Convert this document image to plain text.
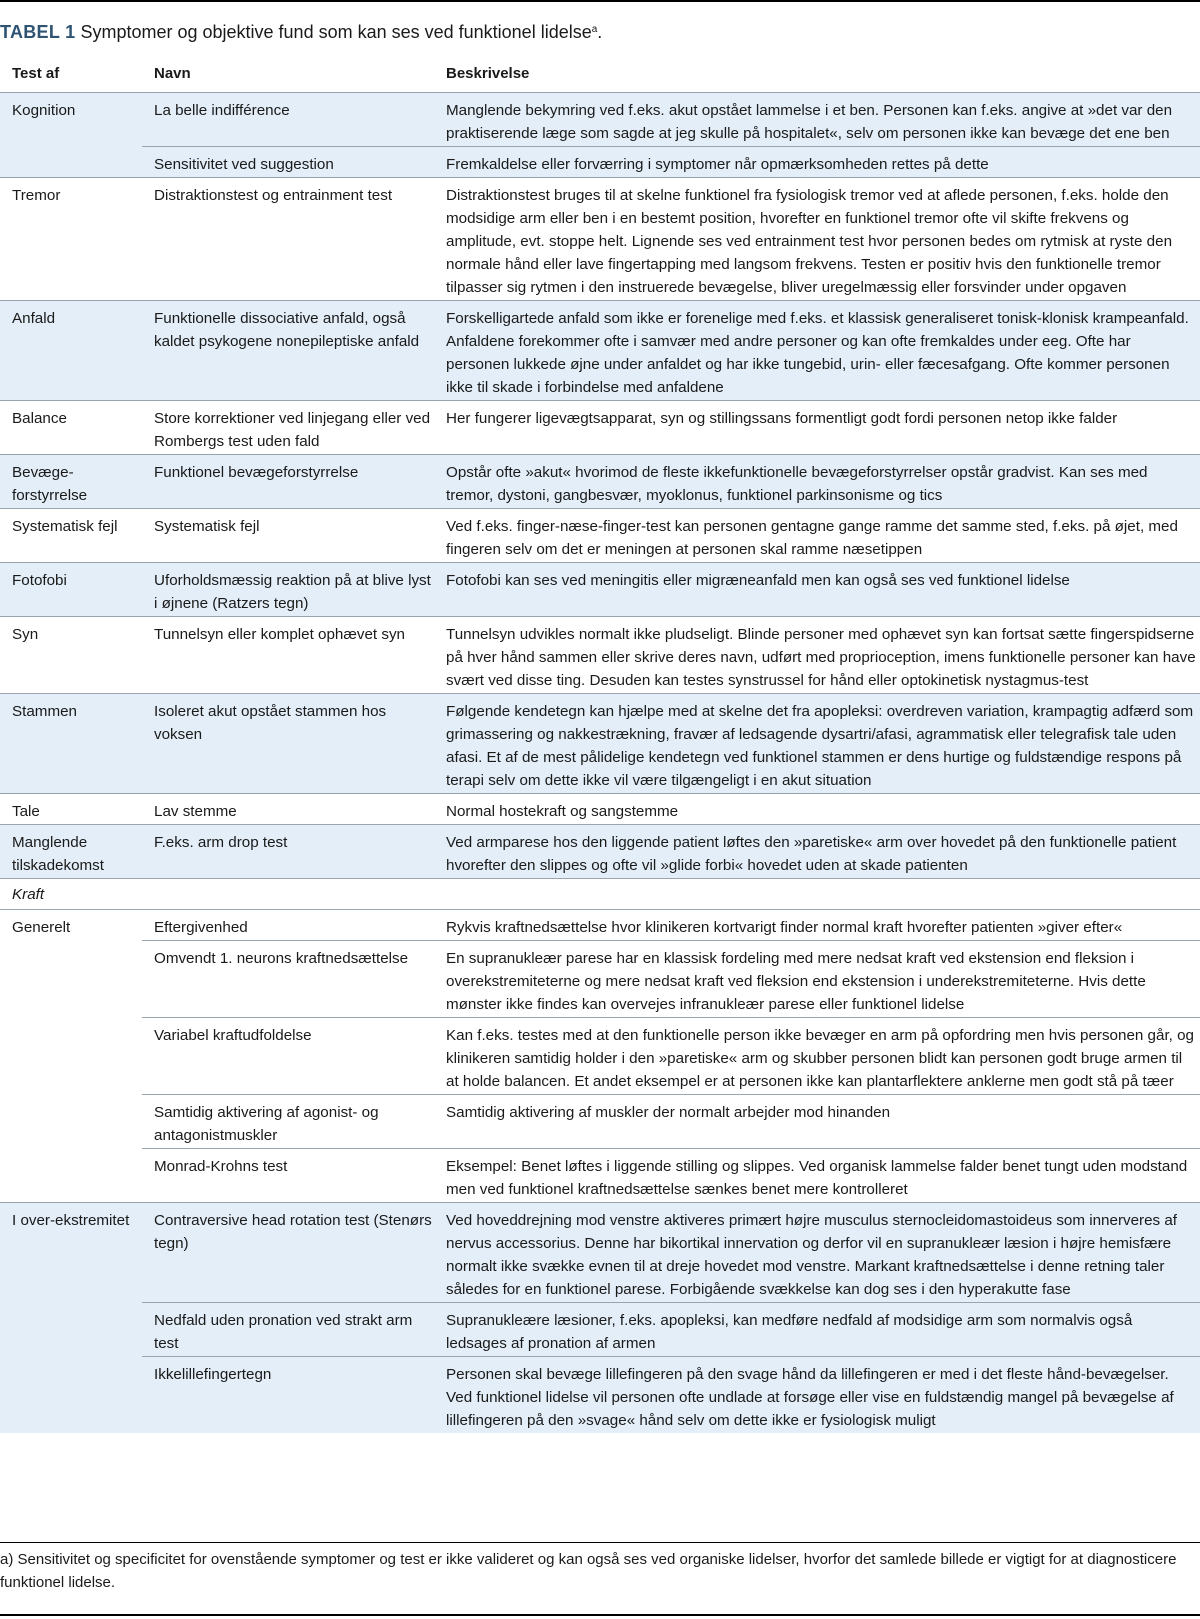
TABEL 1 Symptomer og objektive fund som kan ses ved funktionel lidelse$^a$.
Test af	Navn	Beskrivelse
Kognition	La belle indifférence	Manglende bekymring ved f.eks. akut opstået lammelse i et ben. Personen kan f.eks. angive at »det var den praktiserende læge som sagde at jeg skulle på hospitalet«, selv om personen ikke kan bevæge det ene ben
	Sensitivitet ved suggestion	Fremkaldelse eller forværring i symptomer når opmærksomheden rettes på dette
Tremor	Distraktionstest og entrainment test	Distraktionstest bruges til at skelne funktionel fra fysiologisk tremor ved at aflede personen, f.eks. holde den modsidige arm eller ben i en bestemt position, hvorefter en funktionel tremor ofte vil skifte frekvens og amplitude, evt. stoppe helt. Lignende ses ved entrainment test hvor personen bedes om rytmisk at ryste den normale hånd eller lave fingertapping med langsom frekvens. Testen er positiv hvis den funktionelle tremor tilpasser sig rytmen i den instruerede bevægelse, bliver uregelmæssig eller forsvinder under opgaven
Anfald	Funktionelle dissociative anfald, også kaldet psykogene nonepileptiske anfald	Forskelligartede anfald som ikke er forenelige med f.eks. et klassisk generaliseret tonisk-klonisk krampeanfald. Anfaldene forekommer ofte i samvær med andre personer og kan ofte fremkaldes under eeg. Ofte har personen lukkede øjne under anfaldet og har ikke tungebid, urin- eller fæcesafgang. Ofte kommer personen ikke til skade i forbindelse med anfaldene
Balance	Store korrektioner ved linjegang eller ved Rombergs test uden fald	Her fungerer ligevægtsapparat, syn og stillingssans formentligt godt fordi personen netop ikke falder
Bevæge-forstyrrelse	Funktionel bevægeforstyrrelse	Opstår ofte »akut« hvorimod de fleste ikkefunktionelle bevægeforstyrrelser opstår gradvist. Kan ses med tremor, dystoni, gangbesvær, myoklonus, funktionel parkinsonisme og tics
Systematisk fejl	Systematisk fejl	Ved f.eks. finger-næse-finger-test kan personen gentagne gange ramme det samme sted, f.eks. på øjet, med fingeren selv om det er meningen at personen skal ramme næsetippen
Fotofobi	Uforholdsmæssig reaktion på at blive lyst i øjnene (Ratzers tegn)	Fotofobi kan ses ved meningitis eller migræneanfald men kan også ses ved funktionel lidelse
Syn	Tunnelsyn eller komplet ophævet syn	Tunnelsyn udvikles normalt ikke pludseligt. Blinde personer med ophævet syn kan fortsat sætte fingerspidserne på hver hånd sammen eller skrive deres navn, udført med proprioception, imens funktionelle personer kan have svært ved disse ting. Desuden kan testes synstrussel for hånd eller optokinetisk nystagmus-test
Stammen	Isoleret akut opstået stammen hos voksen	Følgende kendetegn kan hjælpe med at skelne det fra apopleksi: overdreven variation, krampagtig adfærd som grimassering og nakkestrækning, fravær af ledsagende dysartri/afasi, agrammatisk eller telegrafisk tale uden afasi. Et af de mest pålidelige kendetegn ved funktionel stammen er dens hurtige og fuldstændige respons på terapi selv om dette ikke vil være tilgængeligt i en akut situation
Tale	Lav stemme	Normal hostekraft og sangstemme
Manglende tilskadekomst	F.eks. arm drop test	Ved armparese hos den liggende patient løftes den »paretiske« arm over hovedet på den funktionelle patient hvorefter den slippes og ofte vil »glide forbi« hovedet uden at skade patienten
Kraft		
Generelt	Eftergivenhed	Rykvis kraftnedsættelse hvor klinikeren kortvarigt finder normal kraft hvorefter patienten »giver efter«
	Omvendt 1. neurons kraftnedsættelse	En supranukleær parese har en klassisk fordeling med mere nedsat kraft ved ekstension end fleksion i overekstremiteterne og mere nedsat kraft ved fleksion end ekstension i underekstremiteterne. Hvis dette mønster ikke findes kan overvejes infranukleær parese eller funktionel lidelse
	Variabel kraftudfoldelse	Kan f.eks. testes med at den funktionelle person ikke bevæger en arm på opfordring men hvis personen går, og klinikeren samtidig holder i den »paretiske« arm og skubber personen blidt kan personen godt bruge armen til at holde balancen. Et andet eksempel er at personen ikke kan plantarflektere anklerne men godt stå på tæer
	Samtidig aktivering af agonist- og antagonistmuskler	Samtidig aktivering af muskler der normalt arbejder mod hinanden
	Monrad-Krohns test	Eksempel: Benet løftes i liggende stilling og slippes. Ved organisk lammelse falder benet tungt uden modstand men ved funktionel kraftnedsættelse sænkes benet mere kontrolleret
I over-ekstremitet	Contraversive head rotation test (Stenørs tegn)	Ved hoveddrejning mod venstre aktiveres primært højre musculus sternocleidomastoideus som innerveres af nervus accessorius. Denne har bikortikal innervation og derfor vil en supranukleær læsion i højre hemisfære normalt ikke svække evnen til at dreje hovedet mod venstre. Markant kraftnedsættelse i denne retning taler således for en funktionel parese. Forbigående svækkelse kan dog ses i den hyperakutte fase
	Nedfald uden pronation ved strakt arm test	Supranukleære læsioner, f.eks. apopleksi, kan medføre nedfald af modsidige arm som normalvis også ledsages af pronation af armen
	Ikkelillefingertegn	Personen skal bevæge lillefingeren på den svage hånd da lillefingeren er med i det fleste hånd-bevægelser. Ved funktionel lidelse vil personen ofte undlade at forsøge eller vise en fuldstændig mangel på bevægelse af lillefingeren på den »svage« hånd selv om dette ikke er fysiologisk muligt
a) Sensitivitet og specificitet for ovenstående symptomer og test er ikke valideret og kan også ses ved organiske lidelser, hvorfor det samlede billede er vigtigt for at diagnosticere funktionel lidelse.
